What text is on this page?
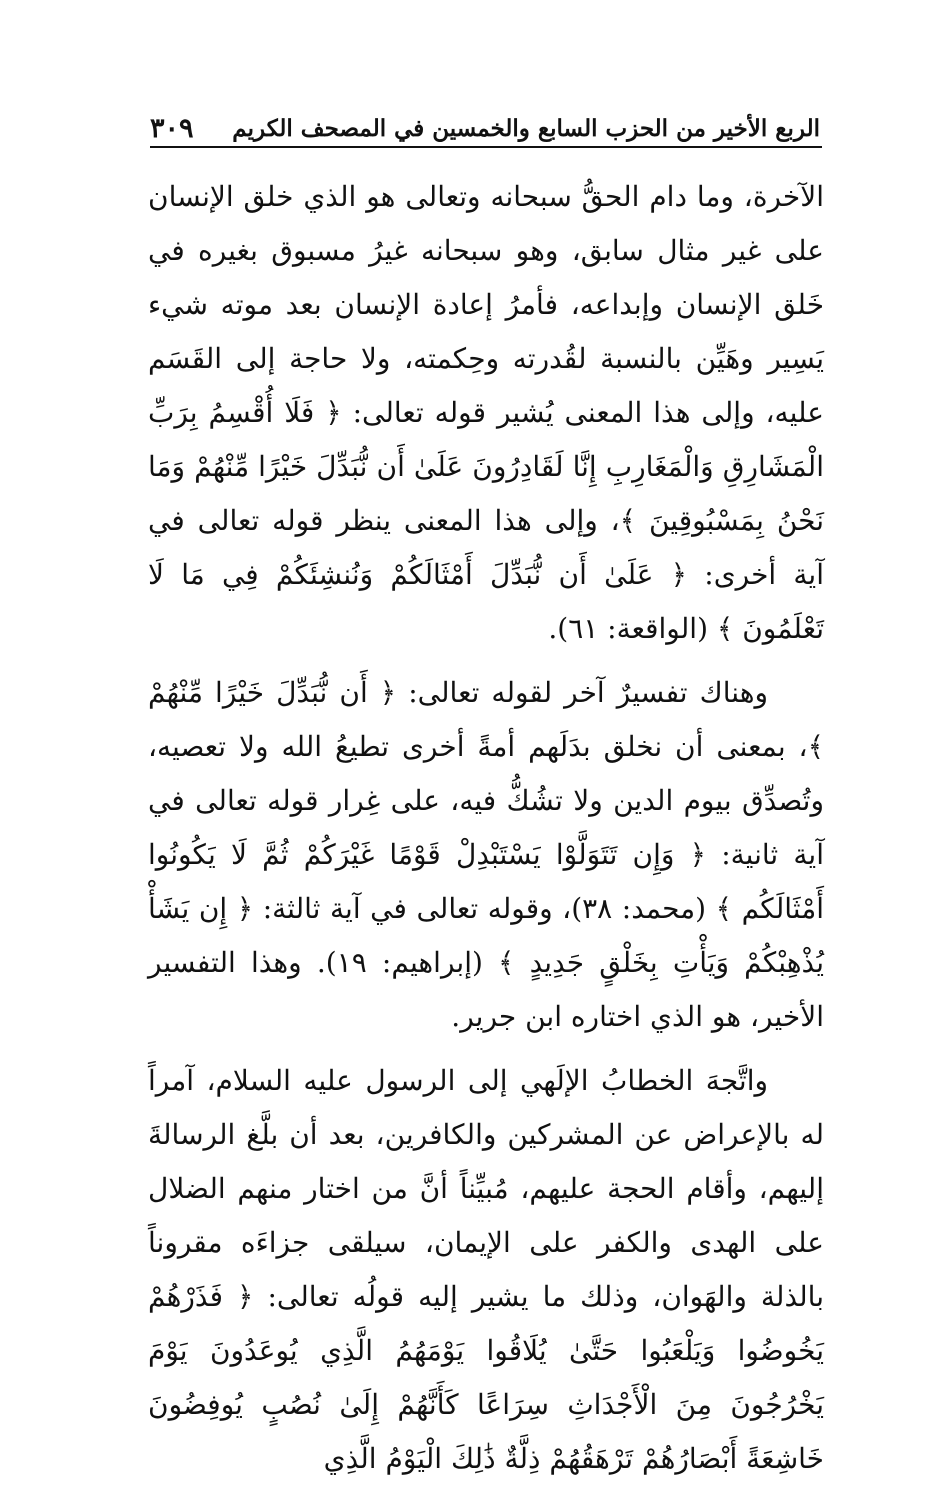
الربع الأخير من الحزب السابع والخمسين في المصحف الكريم
٣٠٩

الآخرة، وما دام الحقُّ سبحانه وتعالى هو الذي خلق الإنسان على غير مثال سابق، وهو سبحانه غيرُ مسبوق بغيره في خَلق الإنسان وإبداعه، فأمرُ إعادة الإنسان بعد موته شيء يَسِير وهَيِّن بالنسبة لقُدرته وحِكمته، ولا حاجة إلى القَسَم عليه، وإلى هذا المعنى يُشير قوله تعالى: ﴿ فَلَا أُقْسِمُ بِرَبِّ الْمَشَارِقِ وَالْمَغَارِبِ إِنَّا لَقَادِرُونَ عَلَىٰ أَن نُّبَدِّلَ خَيْرًا مِّنْهُمْ وَمَا نَحْنُ بِمَسْبُوقِينَ ﴾، وإلى هذا المعنى ينظر قوله تعالى في آية أخرى: ﴿ عَلَىٰ أَن نُّبَدِّلَ أَمْثَالَكُمْ وَنُنشِئَكُمْ فِي مَا لَا تَعْلَمُونَ ﴾ (الواقعة: ٦١).

وهناك تفسيرٌ آخر لقوله تعالى: ﴿ أَن نُّبَدِّلَ خَيْرًا مِّنْهُمْ ﴾، بمعنى أن نخلق بدَلَهم أمةً أخرى تطيعُ الله ولا تعصيه، وتُصدِّق بيوم الدين ولا تشُكُّ فيه، على غِرار قوله تعالى في آية ثانية: ﴿ وَإِن تَتَوَلَّوْا يَسْتَبْدِلْ قَوْمًا غَيْرَكُمْ ثُمَّ لَا يَكُونُوا أَمْثَالَكُم ﴾ (محمد: ٣٨)، وقوله تعالى في آية ثالثة: ﴿ إِن يَشَأْ يُذْهِبْكُمْ وَيَأْتِ بِخَلْقٍ جَدِيدٍ ﴾ (إبراهيم: ١٩). وهذا التفسير الأخير، هو الذي اختاره ابن جرير.

واتَّجهَ الخطابُ الإلَهي إلى الرسول عليه السلام، آمراً له بالإعراض عن المشركين والكافرين، بعد أن بلَّغ الرسالةَ إليهم، وأقام الحجة عليهم، مُبيِّناً أنَّ من اختار منهم الضلال على الهدى والكفر على الإيمان، سيلقى جزاءَه مقروناً بالذلة والهَوان، وذلك ما يشير إليه قولُه تعالى: ﴿ فَذَرْهُمْ يَخُوضُوا وَيَلْعَبُوا حَتَّىٰ يُلَاقُوا يَوْمَهُمُ الَّذِي يُوعَدُونَ يَوْمَ يَخْرُجُونَ مِنَ الْأَجْدَاثِ سِرَاعًا كَأَنَّهُمْ إِلَىٰ نُصُبٍ يُوفِضُونَ خَاشِعَةً أَبْصَارُهُمْ تَرْهَقُهُمْ ذِلَّةٌ ذَٰلِكَ الْيَوْمُ الَّذِي
